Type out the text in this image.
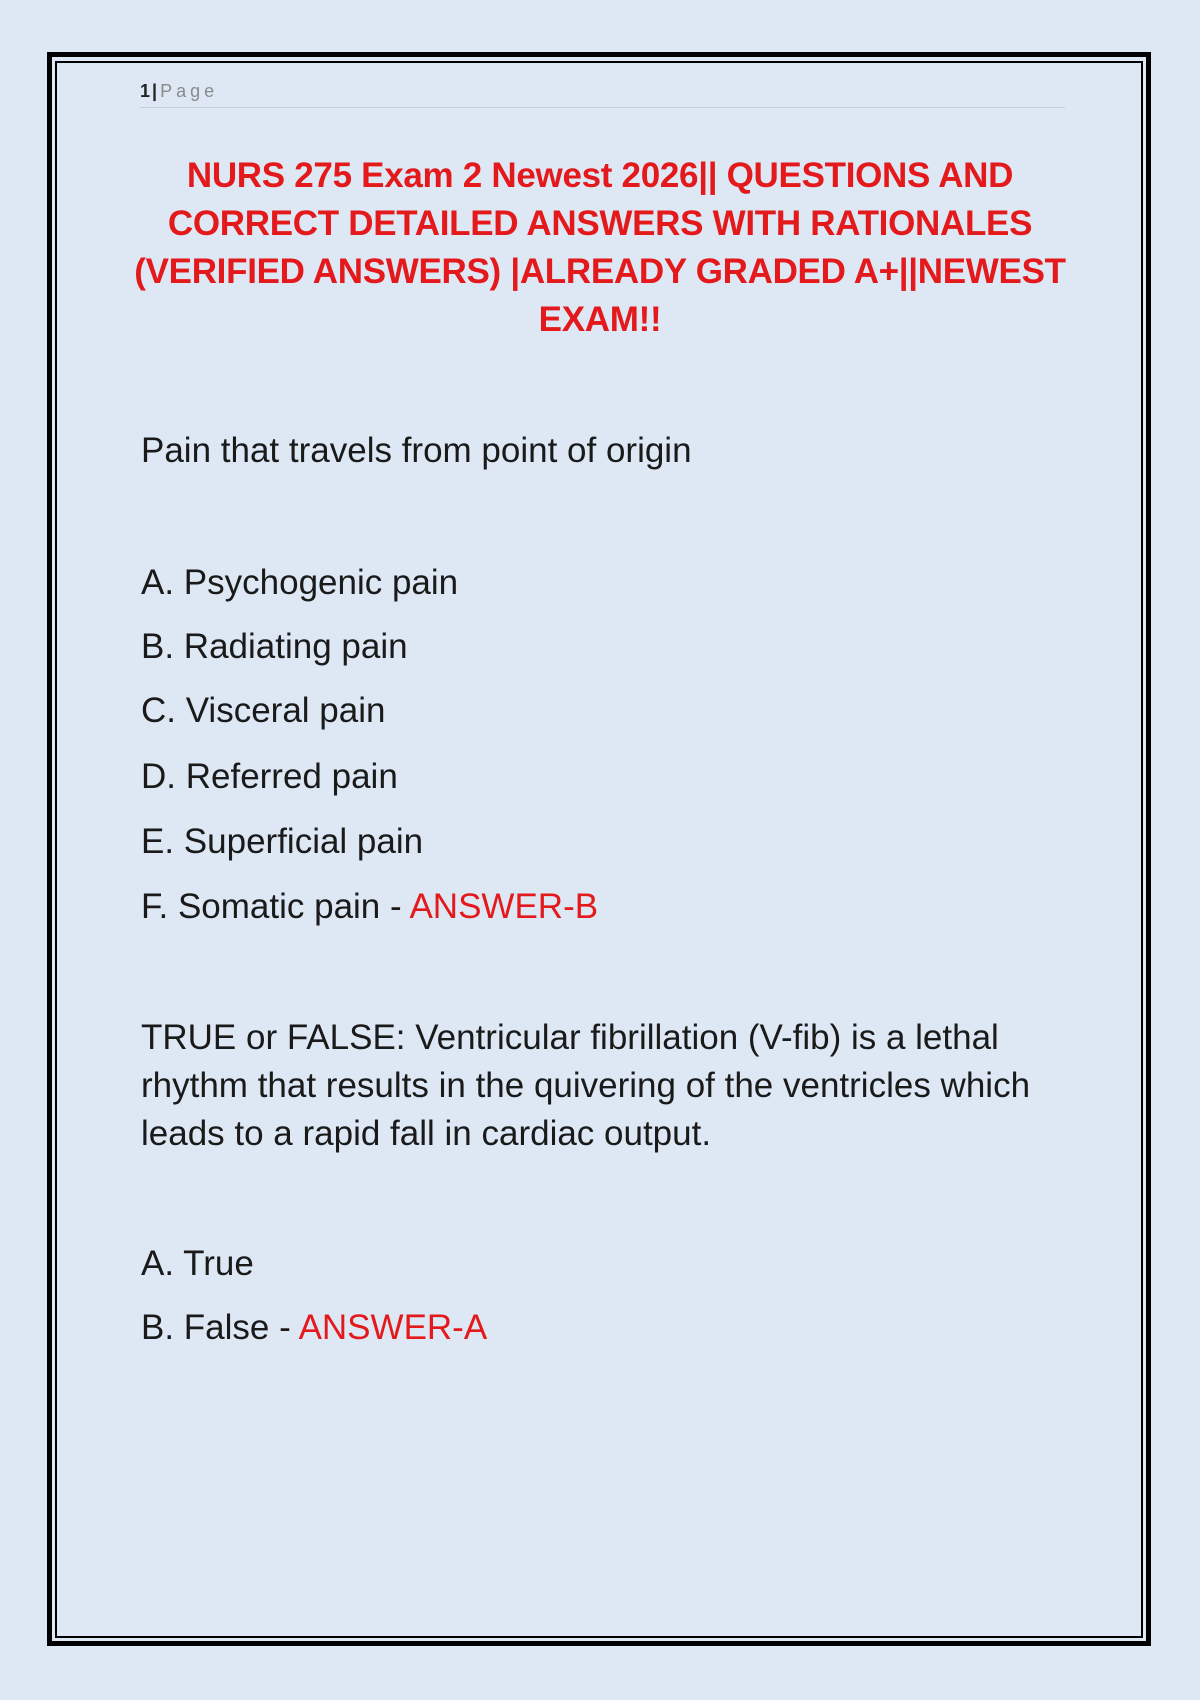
1 | Page
NURS 275 Exam 2 Newest 2026|| QUESTIONS AND CORRECT DETAILED ANSWERS WITH RATIONALES (VERIFIED ANSWERS) |ALREADY GRADED A+||NEWEST EXAM!!
Pain that travels from point of origin
A. Psychogenic pain
B. Radiating pain
C. Visceral pain
D. Referred pain
E. Superficial pain
F. Somatic pain - ANSWER-B
TRUE or FALSE: Ventricular fibrillation (V-fib) is a lethal rhythm that results in the quivering of the ventricles which leads to a rapid fall in cardiac output.
A. True
B. False - ANSWER-A
